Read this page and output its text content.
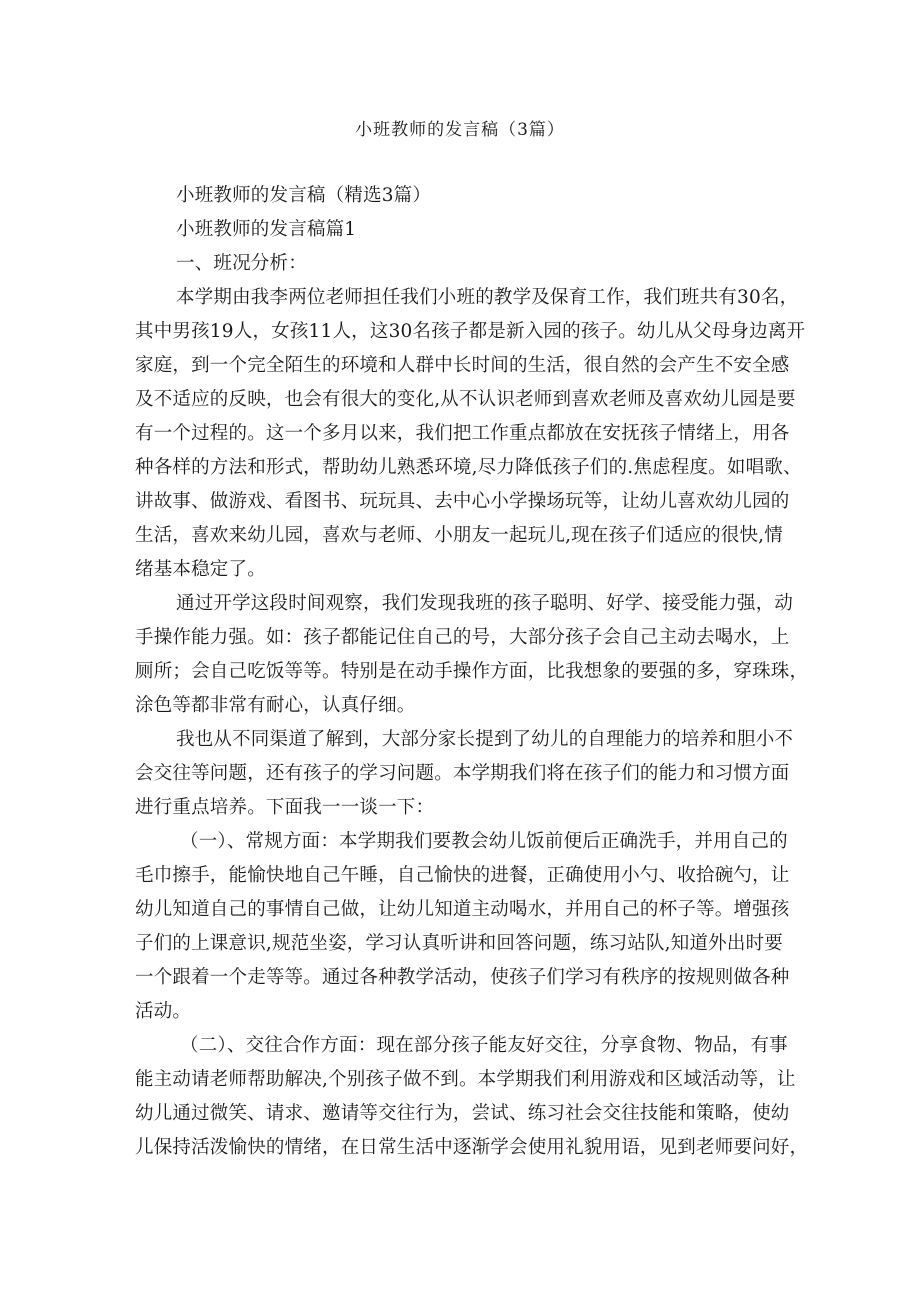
小班教师的发言稿（3篇）
小班教师的发言稿（精选3篇）
小班教师的发言稿篇1
一、班况分析：
本学期由我李两位老师担任我们小班的教学及保育工作，我们班共有30名，
其中男孩19人，女孩11人，这30名孩子都是新入园的孩子。幼儿从父母身边离开
家庭，到一个完全陌生的环境和人群中长时间的生活，很自然的会产生不安全感
及不适应的反映，也会有很大的变化,从不认识老师到喜欢老师及喜欢幼儿园是要
有一个过程的。这一个多月以来，我们把工作重点都放在安抚孩子情绪上，用各
种各样的方法和形式，帮助幼儿熟悉环境,尽力降低孩子们的.焦虑程度。如唱歌、
讲故事、做游戏、看图书、玩玩具、去中心小学操场玩等，让幼儿喜欢幼儿园的
生活，喜欢来幼儿园，喜欢与老师、小朋友一起玩儿,现在孩子们适应的很快,情
绪基本稳定了。
通过开学这段时间观察，我们发现我班的孩子聪明、好学、接受能力强，动
手操作能力强。如：孩子都能记住自己的号，大部分孩子会自己主动去喝水，上
厕所；会自己吃饭等等。特别是在动手操作方面，比我想象的要强的多，穿珠珠，
涂色等都非常有耐心，认真仔细。
我也从不同渠道了解到，大部分家长提到了幼儿的自理能力的培养和胆小不
会交往等问题，还有孩子的学习问题。本学期我们将在孩子们的能力和习惯方面
进行重点培养。下面我一一谈一下：
（一）、常规方面：本学期我们要教会幼儿饭前便后正确洗手，并用自己的
毛巾擦手，能愉快地自己午睡，自己愉快的进餐，正确使用小勺、收拾碗勺，让
幼儿知道自己的事情自己做，让幼儿知道主动喝水，并用自己的杯子等。增强孩
子们的上课意识,规范坐姿，学习认真听讲和回答问题，练习站队,知道外出时要
一个跟着一个走等等。通过各种教学活动，使孩子们学习有秩序的按规则做各种
活动。
（二）、交往合作方面：现在部分孩子能友好交往，分享食物、物品，有事
能主动请老师帮助解决,个别孩子做不到。本学期我们利用游戏和区域活动等，让
幼儿通过微笑、请求、邀请等交往行为，尝试、练习社会交往技能和策略，使幼
儿保持活泼愉快的情绪，在日常生活中逐渐学会使用礼貌用语，见到老师要问好，
